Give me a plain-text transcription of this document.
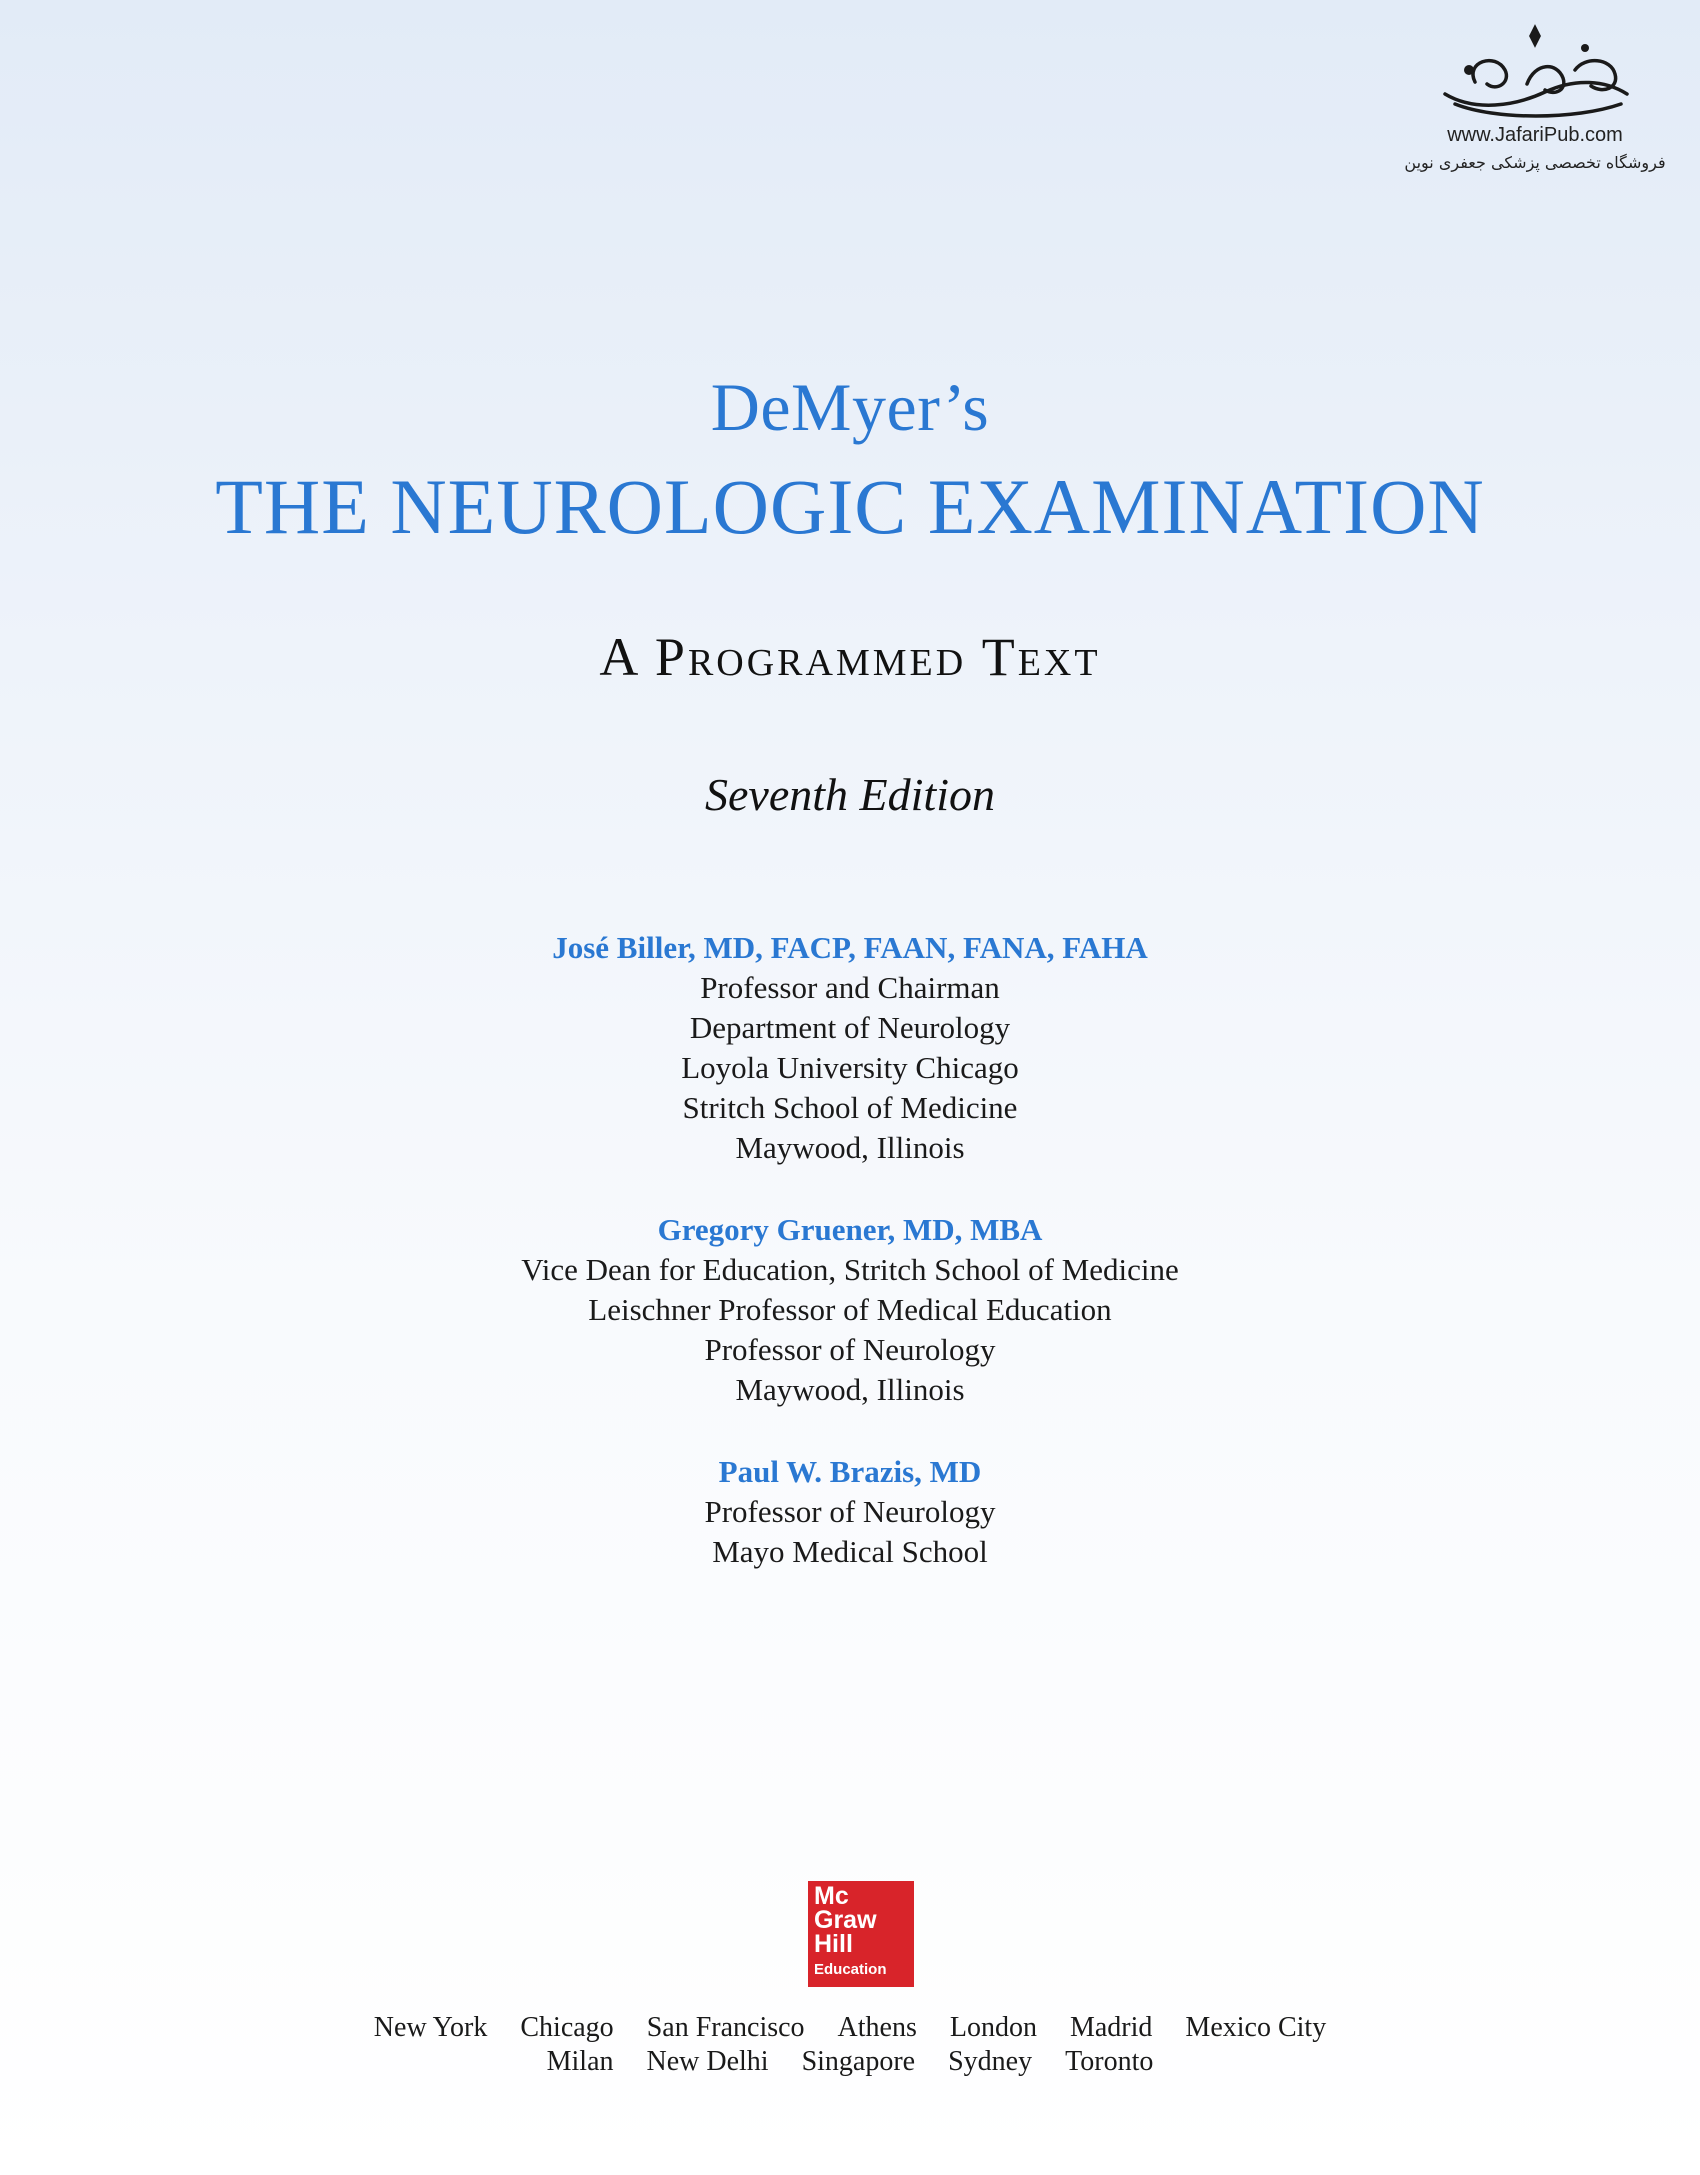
www.JafariPub.com
فروشگاه تخصصی پزشکی جعفری نوین
DeMyer’s
THE NEUROLOGIC EXAMINATION
A Programmed Text
Seventh Edition
José Biller, MD, FACP, FAAN, FANA, FAHA
Professor and Chairman
Department of Neurology
Loyola University Chicago
Stritch School of Medicine
Maywood, Illinois
Gregory Gruener, MD, MBA
Vice Dean for Education, Stritch School of Medicine
Leischner Professor of Medical Education
Professor of Neurology
Maywood, Illinois
Paul W. Brazis, MD
Professor of Neurology
Mayo Medical School
Mc
Graw
Hill
Education
New York Chicago San Francisco Athens London Madrid Mexico City
Milan New Delhi Singapore Sydney Toronto
